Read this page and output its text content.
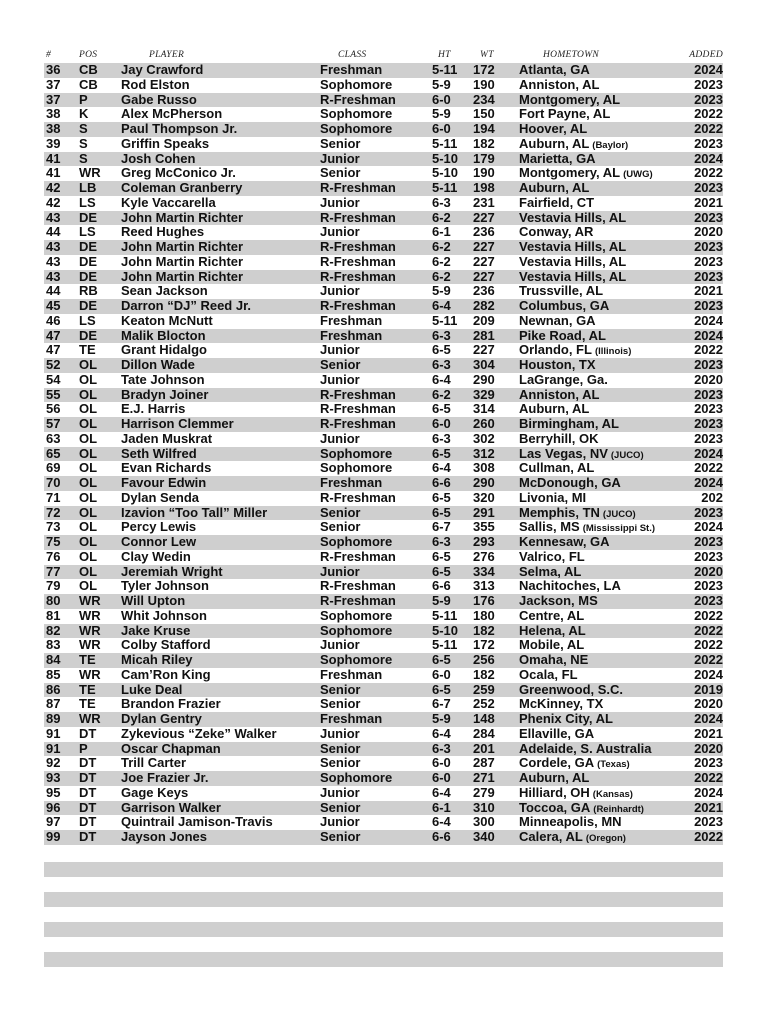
#	POS	PLAYER	CLASS	HT	WT	HOMETOWN	ADDED
36	CB	Jay Crawford	Freshman	5-11	172	Atlanta, GA	2024
37	CB	Rod Elston	Sophomore	5-9	190	Anniston, AL	2023
37	P	Gabe Russo	R-Freshman	6-0	234	Montgomery, AL	2023
38	K	Alex McPherson	Sophomore	5-9	150	Fort Payne, AL	2022
38	S	Paul Thompson Jr.	Sophomore	6-0	194	Hoover, AL	2022
39	S	Griffin Speaks	Senior	5-11	182	Auburn, AL (Baylor)	2023
41	S	Josh Cohen	Junior	5-10	179	Marietta, GA	2024
41	WR	Greg McConico Jr.	Senior	5-10	190	Montgomery, AL (UWG)	2022
42	LB	Coleman Granberry	R-Freshman	5-11	198	Auburn, AL	2023
42	LS	Kyle Vaccarella	Junior	6-3	231	Fairfield, CT	2021
43	DE	John Martin Richter	R-Freshman	6-2	227	Vestavia Hills, AL	2023
44	LS	Reed Hughes	Junior	6-1	236	Conway, AR	2020
43	DE	John Martin Richter	R-Freshman	6-2	227	Vestavia Hills, AL	2023
43	DE	John Martin Richter	R-Freshman	6-2	227	Vestavia Hills, AL	2023
43	DE	John Martin Richter	R-Freshman	6-2	227	Vestavia Hills, AL	2023
44	RB	Sean Jackson	Junior	5-9	236	Trussville, AL	2021
45	DE	Darron “DJ” Reed Jr.	R-Freshman	6-4	282	Columbus, GA	2023
46	LS	Keaton McNutt	Freshman	5-11	209	Newnan, GA	2024
47	DE	Malik Blocton	Freshman	6-3	281	Pike Road, AL	2024
47	TE	Grant Hidalgo	Junior	6-5	227	Orlando, FL (Illinois)	2022
52	OL	Dillon Wade	Senior	6-3	304	Houston, TX	2023
54	OL	Tate Johnson	Junior	6-4	290	LaGrange, Ga.	2020
55	OL	Bradyn Joiner	R-Freshman	6-2	329	Anniston, AL	2023
56	OL	E.J. Harris	R-Freshman	6-5	314	Auburn, AL	2023
57	OL	Harrison Clemmer	R-Freshman	6-0	260	Birmingham, AL	2023
63	OL	Jaden Muskrat	Junior	6-3	302	Berryhill, OK	2023
65	OL	Seth Wilfred	Sophomore	6-5	312	Las Vegas, NV (JUCO)	2024
69	OL	Evan Richards	Sophomore	6-4	308	Cullman, AL	2022
70	OL	Favour Edwin	Freshman	6-6	290	McDonough, GA	2024
71	OL	Dylan Senda	R-Freshman	6-5	320	Livonia, MI	202
72	OL	Izavion “Too Tall” Miller	Senior	6-5	291	Memphis, TN (JUCO)	2023
73	OL	Percy Lewis	Senior	6-7	355	Sallis, MS (Mississippi St.)	2024
75	OL	Connor Lew	Sophomore	6-3	293	Kennesaw, GA	2023
76	OL	Clay Wedin	R-Freshman	6-5	276	Valrico, FL	2023
77	OL	Jeremiah Wright	Junior	6-5	334	Selma, AL	2020
79	OL	Tyler Johnson	R-Freshman	6-6	313	Nachitoches, LA	2023
80	WR	Will Upton	R-Freshman	5-9	176	Jackson, MS	2023
81	WR	Whit Johnson	Sophomore	5-11	180	Centre, AL	2022
82	WR	Jake Kruse	Sophomore	5-10	182	Helena, AL	2022
83	WR	Colby Stafford	Junior	5-11	172	Mobile, AL	2022
84	TE	Micah Riley	Sophomore	6-5	256	Omaha, NE	2022
85	WR	Cam’Ron King	Freshman	6-0	182	Ocala, FL	2024
86	TE	Luke Deal	Senior	6-5	259	Greenwood, S.C.	2019
87	TE	Brandon Frazier	Senior	6-7	252	McKinney, TX	2020
89	WR	Dylan Gentry	Freshman	5-9	148	Phenix City, AL	2024
91	DT	Zykevious “Zeke” Walker	Junior	6-4	284	Ellaville, GA	2021
91	P	Oscar Chapman	Senior	6-3	201	Adelaide, S. Australia	2020
92	DT	Trill Carter	Senior	6-0	287	Cordele, GA (Texas)	2023
93	DT	Joe Frazier Jr.	Sophomore	6-0	271	Auburn, AL	2022
95	DT	Gage Keys	Junior	6-4	279	Hilliard, OH (Kansas)	2024
96	DT	Garrison Walker	Senior	6-1	310	Toccoa, GA (Reinhardt)	2021
97	DT	Quintrail Jamison-Travis	Junior	6-4	300	Minneapolis, MN	2023
99	DT	Jayson Jones	Senior	6-6	340	Calera, AL (Oregon)	2022
